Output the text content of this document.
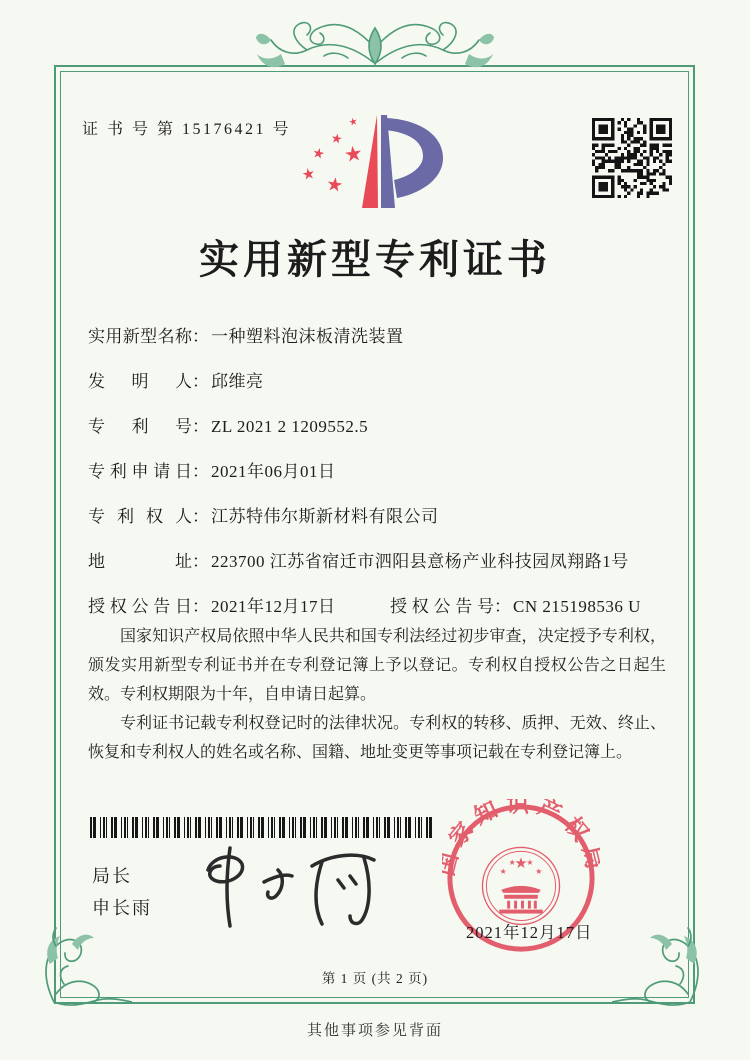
证 书 号 第 15176421 号	★
★
★
★
★ ★
实用新型专利证书
实 用 新 型 名 称 ： 一种塑料泡沫板清洗装置
发 明 人 ： 邱维亮
专 利 号 ： ZL 2021 2 1209552.5
专 利 申 请 日 ： 2021年06月01日
专 利 权 人 ： 江苏特伟尔斯新材料有限公司
地	址 ： 223700 江苏省宿迁市泗阳县意杨产业科技园凤翔路1号
授 权 公 告 日 ： 2021年12月17日	授 权 公 告 号 ： CN 215198536 U

国家知识产权局依照中华人民共和国专利法经过初步审查，决定授予专利权，颁发实用新型专利证书并在专利登记簿上予以登记。专利权自授权公告之日起生效。专利权期限为十年，自申请日起算。

专利证书记载专利权登记时的法律状况。专利权的转移、质押、无效、终止、恢复和专利权人的姓名或名称、国籍、地址变更等事项记载在专利登记簿上。

局长
申长雨
家知识产权
★
★
★ ★
★
2021年12月17日
第 1 页 (共 2 页)
其他事项参见背面
